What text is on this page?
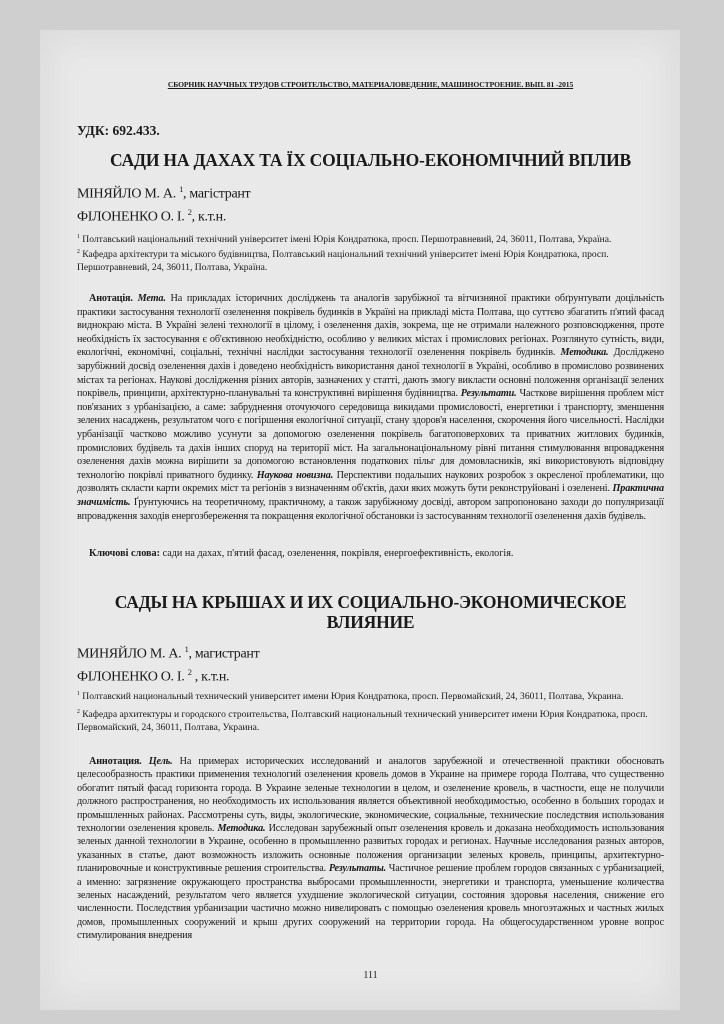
СБОРНИК НАУЧНЫХ ТРУДОВ СТРОИТЕЛЬСТВО, МАТЕРИАЛОВЕДЕНИЕ, МАШИНОСТРОЕНИЕ. ВЫП. 81 -2015
УДК: 692.433.
САДИ НА ДАХАХ ТА ЇХ СОЦІАЛЬНО-ЕКОНОМІЧНИЙ ВПЛИВ
МІНЯЙЛО М. А. $^1$, магістрант
ФІЛОНЕНКО О. І. $^2$, к.т.н.
$^1$ Полтавський національний технічний університет імені Юрія Кондратюка, просп. Першотравневий, 24, 36011, Полтава, Україна.
$^2$ Кафедра архітектури та міського будівництва, Полтавський національний технічний університет імені Юрія Кондратюка, просп. Першотравневий, 24, 36011, Полтава, Україна.
Анотація. Мета. На прикладах історичних досліджень та аналогів зарубіжної та вітчизняної практики обґрунтувати доцільність практики застосування технології озеленення покрівель будинків в Україні на прикладі міста Полтава, що суттєво збагатить п'ятий фасад виднокраю міста. В Україні зелені технології в цілому, і озеленення дахів, зокрема, ще не отримали належного розповсюдження, проте необхідність їх застосування є об'єктивною необхідністю, особливо у великих містах і промислових регіонах. Розглянуто сутність, види, екологічні, економічні, соціальні, технічні наслідки застосування технології озеленення покрівель будинків. Методика. Досліджено зарубіжний досвід озеленення дахів і доведено необхідність використання даної технології в Україні, особливо в промислово розвинених містах та регіонах. Наукові дослідження різних авторів, зазначених у статті, дають змогу викласти основні положення організації зелених покрівель, принципи, архітектурно-планувальні та конструктивні вирішення будівництва. Результати. Часткове вирішення проблем міст пов'язаних з урбанізацією, а саме: забруднення оточуючого середовища викидами промисловості, енергетики і транспорту, зменшення зелених насаджень, результатом чого є погіршення екологічної ситуації, стану здоров'я населення, скорочення його чисельності. Наслідки урбанізації частково можливо усунути за допомогою озеленення покрівель багатоповерхових та приватних житлових будинків, промислових будівель та дахів інших споруд на території міст. На загальнонаціональному рівні питання стимулювання впровадження озеленення дахів можна вирішити за допомогою встановлення податкових пільг для домовласників, які використовують відповідну технологію покрівлі приватного будинку. Наукова новизна. Перспективи подальших наукових розробок з окресленої проблематики, що дозволять скласти карти окремих міст та регіонів з визначенням об'єктів, дахи яких можуть бути реконструйовані і озеленені. Практична значимість. Ґрунтуючись на теоретичному, практичному, а також зарубіжному досвіді, автором запропоновано заходи до популяризації впровадження заходів енергозбереження та покращення екологічної обстановки із застосуванням технології озеленення дахів будівель.
Ключові слова: сади на дахах, п'ятий фасад, озеленення, покрівля, енергоефективність, екологія.
САДЫ НА КРЫШАХ И ИХ СОЦИАЛЬНО-ЭКОНОМИЧЕСКОЕ
ВЛИЯНИЕ
МИНЯЙЛО М. А. $^1$, магистрант
ФІЛОНЕНКО О. І. $^2$ , к.т.н.
$^1$ Полтавский национальный технический университет имени Юрия Кондратюка, просп. Первомайский, 24, 36011, Полтава, Украина.
$^2$ Кафедра архитектуры и городского строительства, Полтавский национальный технический университет имени Юрия Кондратюка, просп. Первомайский, 24, 36011, Полтава, Украина.
Аннотация. Цель. На примерах исторических исследований и аналогов зарубежной и отечественной практики обосновать целесообразность практики применения технологий озеленения кровель домов в Украине на примере города Полтава, что существенно обогатит пятый фасад горизонта города. В Украине зеленые технологии в целом, и озеленение кровель, в частности, еще не получили должного распространения, но необходимость их использования является объективной необходимостью, особенно в больших городах и промышленных районах. Рассмотрены суть, виды, экологические, экономические, социальные, технические последствия использования технологии озеленения кровель. Методика. Исследован зарубежный опыт озеленения кровель и доказана необходимость использования зеленых данной технологии в Украине, особенно в промышленно развитых городах и регионах. Научные исследования разных авторов, указанных в статье, дают возможность изложить основные положения организации зеленых кровель, принципы, архитектурно-планировочные и конструктивные решения строительства. Результаты. Частичное решение проблем городов связанных с урбанизацией, а именно: загрязнение окружающего пространства выбросами промышленности, энергетики и транспорта, уменьшение количества зеленых насаждений, результатом чего является ухудшение экологической ситуации, состояния здоровья населения, снижение его численности. Последствия урбанизации частично можно нивелировать с помощью озеленения кровель многоэтажных и частных жилых домов, промышленных сооружений и крыш других сооружений на территории города. На общегосударственном уровне вопрос стимулирования внедрения
111
